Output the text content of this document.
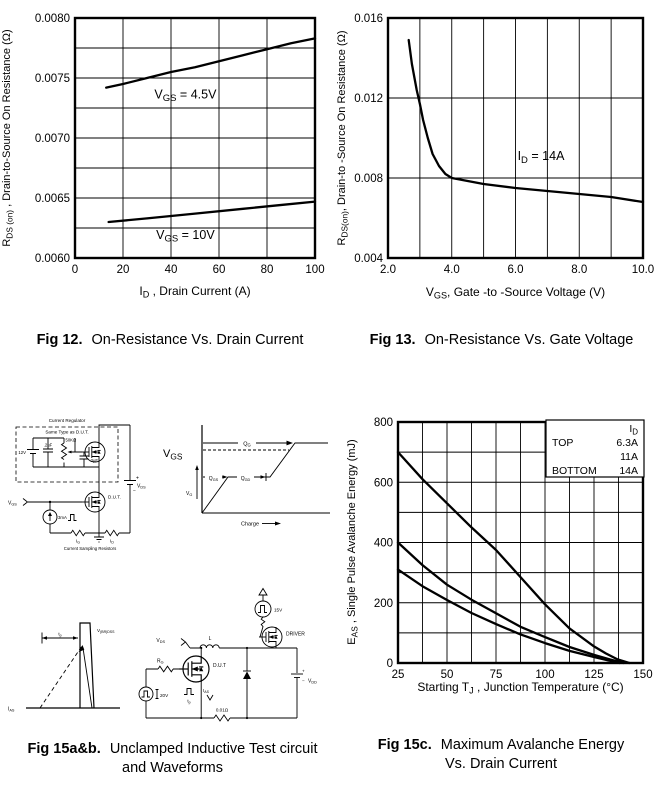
0	20	40	60	80	100
0.0060
0.0065
0.0070
0.0075
0.0080
$I_D$ , Drain Current (A)
$R_{DS (on)}$ , Drain-to-Source On Resistance (Ω)	$V_{GS} = 4.5V$
$V_{GS} = 10V$
2.0	4.0	6.0	8.0	10.0
0.004
0.008
0.012
0.016
$V_{GS}$, Gate -to -Source Voltage (V)
$R_{DS(on)}$, Drain-to -Source On Resistance (Ω)	$I_D = 14A$
25	50	75	100	125	150
0
200
400
600
800
Starting $T_J$ , Junction Temperature (°C)
$E_{AS}$ , Single Pulse Avalanche Energy (mJ)
$I_D$
TOP	6.3A
11A
BOTTOM 14A
Current Regulator
Same Type as D.U.T.
12V
.2µF
50KΩ
.3µF
D.U.T.
$V_{GS}$
3mA
$I_G$	$I_D$
Current Sampling Resistors
+
$V_{DS}$
−
$V_{GS}$
$Q_G$
$Q_{GS}$	$Q_{GD}$
$V_G$
Charge
$I_{AS}$
$t_p$
$V_{(BR)DSS}$
15V
DRIVER
L
$V_{DS}$
D.U.T
$R_G$
20V
$t_p$
$I_{AS}$
0.01Ω
+
− $V_{DD}$
Fig 12. On-Resistance Vs. Drain Current	Fig 13. On-Resistance Vs. Gate Voltage
Fig 15a&b. Unclamped Inductive Test circuit
and Waveforms
Fig 15c. Maximum Avalanche Energy
Vs. Drain Current
